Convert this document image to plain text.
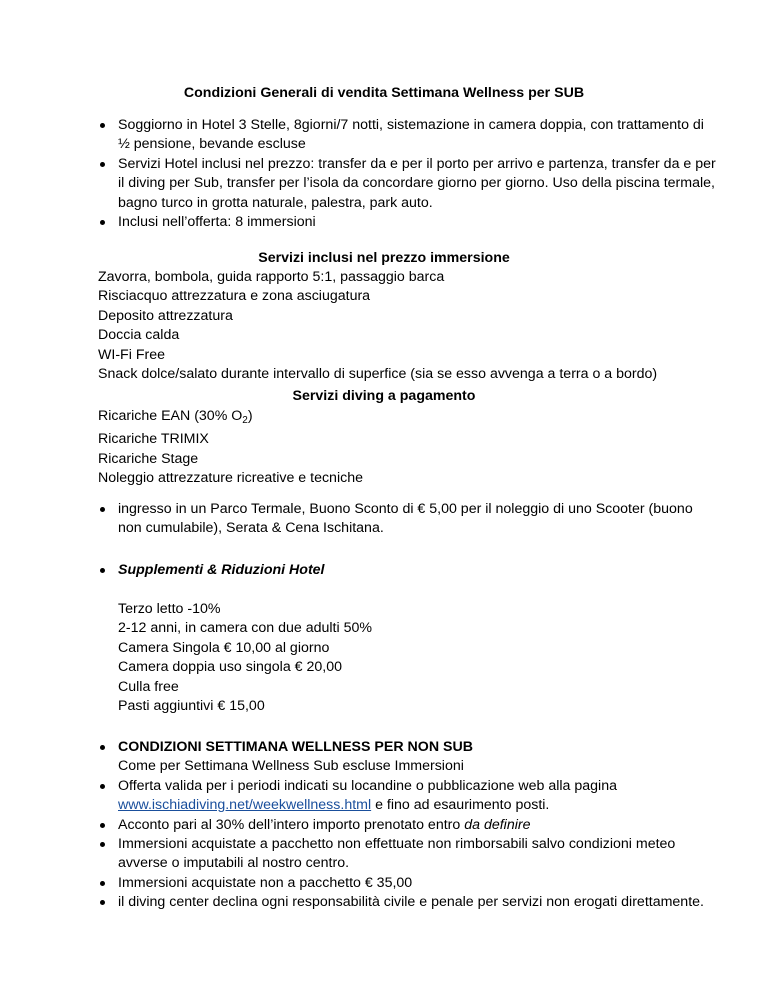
Condizioni Generali di vendita Settimana Wellness per SUB
Soggiorno in Hotel 3 Stelle, 8giorni/7 notti, sistemazione in camera doppia, con trattamento di ½ pensione, bevande escluse
Servizi Hotel inclusi nel prezzo: transfer da e per il porto per arrivo e partenza, transfer da e per il diving per Sub, transfer per l’isola da concordare giorno per giorno. Uso della piscina termale, bagno turco in grotta naturale, palestra, park auto.
Inclusi nell’offerta: 8 immersioni
Servizi inclusi nel prezzo immersione
Zavorra, bombola, guida rapporto 5:1, passaggio barca
Risciacquo attrezzatura e zona asciugatura
Deposito attrezzatura
Doccia calda
WI-Fi Free
Snack dolce/salato durante intervallo di superfice (sia se esso avvenga a terra o a bordo)
Servizi diving a pagamento
Ricariche EAN (30% $O_2$)
Ricariche TRIMIX
Ricariche Stage
Noleggio attrezzature ricreative e tecniche
ingresso in un Parco Termale, Buono Sconto di € 5,00 per il noleggio di uno Scooter (buono non cumulabile), Serata & Cena Ischitana.
Supplementi & Riduzioni Hotel
Terzo letto -10%
2-12 anni, in camera con due adulti 50%
Camera Singola € 10,00 al giorno
Camera doppia uso singola € 20,00
Culla free
Pasti aggiuntivi € 15,00
CONDIZIONI SETTIMANA WELLNESS PER NON SUB
Come per Settimana Wellness Sub escluse Immersioni
Offerta valida per i periodi indicati su locandine o pubblicazione web alla pagina www.ischiadiving.net/weekwellness.html e fino ad esaurimento posti.
Acconto pari al 30% dell’intero importo prenotato entro da definire
Immersioni acquistate a pacchetto non effettuate non rimborsabili salvo condizioni meteo avverse o imputabili al nostro centro.
Immersioni acquistate non a pacchetto € 35,00
il diving center declina ogni responsabilità civile e penale per servizi non erogati direttamente.
